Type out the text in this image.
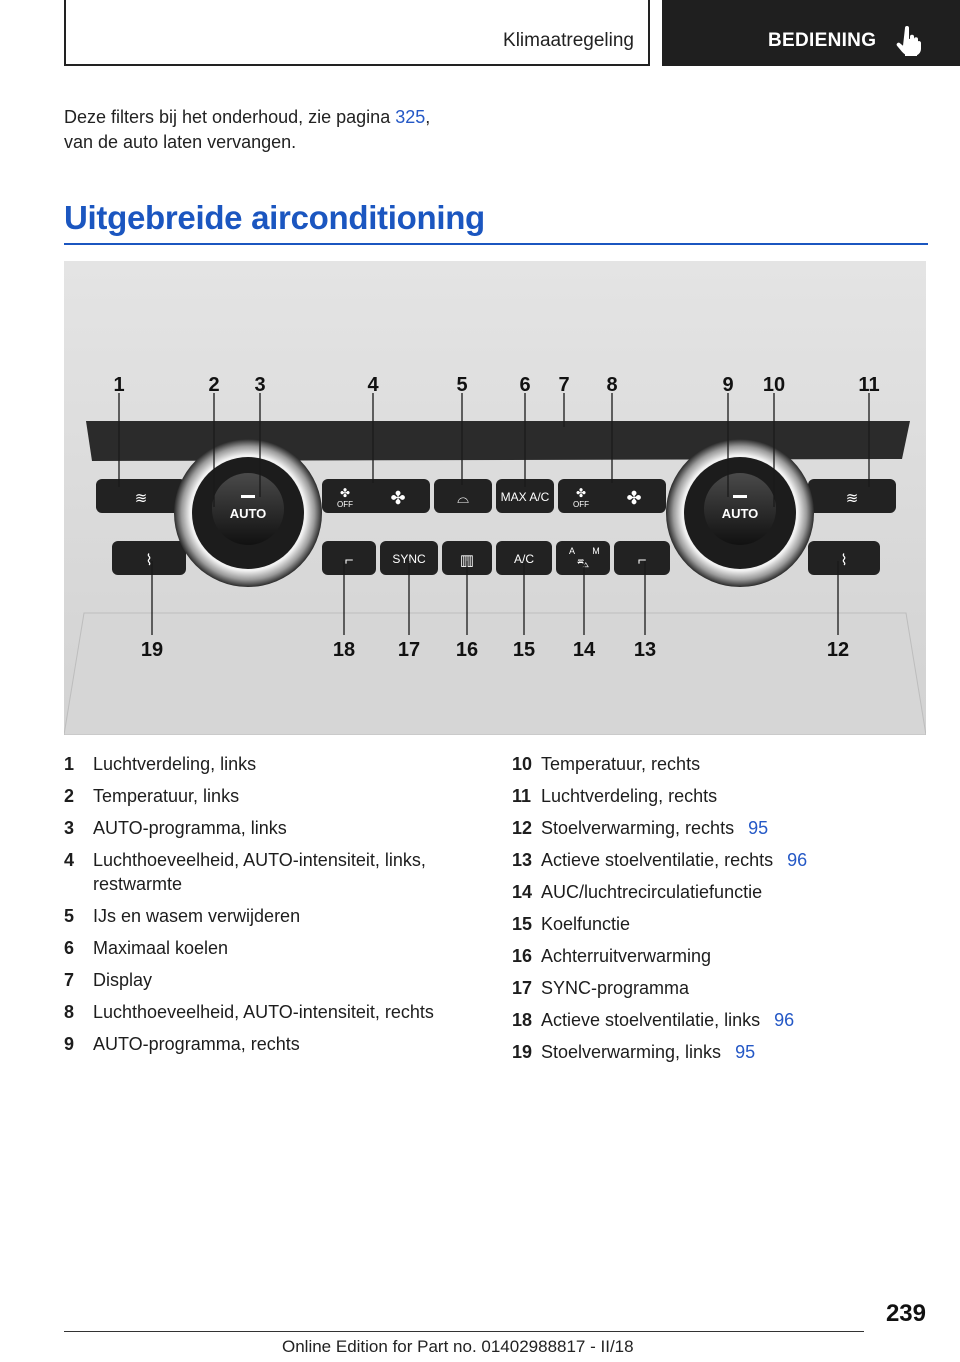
Klimaatregeling	BEDIENING
Deze filters bij het onderhoud, zie pagina 325,
van de auto laten vervangen.
Uitgebreide airconditioning
AUTO	AUTO
MAX A/C
SYNC	A/C
A M
OFF	OFF
✤	✤
✤	✤
⌓
▥
≋	≋
⌇	⌇
⌐	⌐
⛍
1	2 3	4	5	6 7 8	9 10	11
19	18 17 16 15 14 13	12
1	Luchtverdeling, links
2	Temperatuur, links
3	AUTO-programma, links
4	Luchthoeveelheid, AUTO-intensiteit, links, restwarmte
5	IJs en wasem verwijderen
6	Maximaal koelen
7	Display
8	Luchthoeveelheid, AUTO-intensiteit, rechts
9	AUTO-programma, rechts
10 Temperatuur, rechts
11 Luchtverdeling, rechts
12 Stoelverwarming, rechts 95
13 Actieve stoelventilatie, rechts 96
14 AUC/luchtrecirculatiefunctie
15 Koelfunctie
16 Achterruitverwarming
17 SYNC-programma
18 Actieve stoelventilatie, links 96
19 Stoelverwarming, links 95
239
Online Edition for Part no. 01402988817 - II/18
